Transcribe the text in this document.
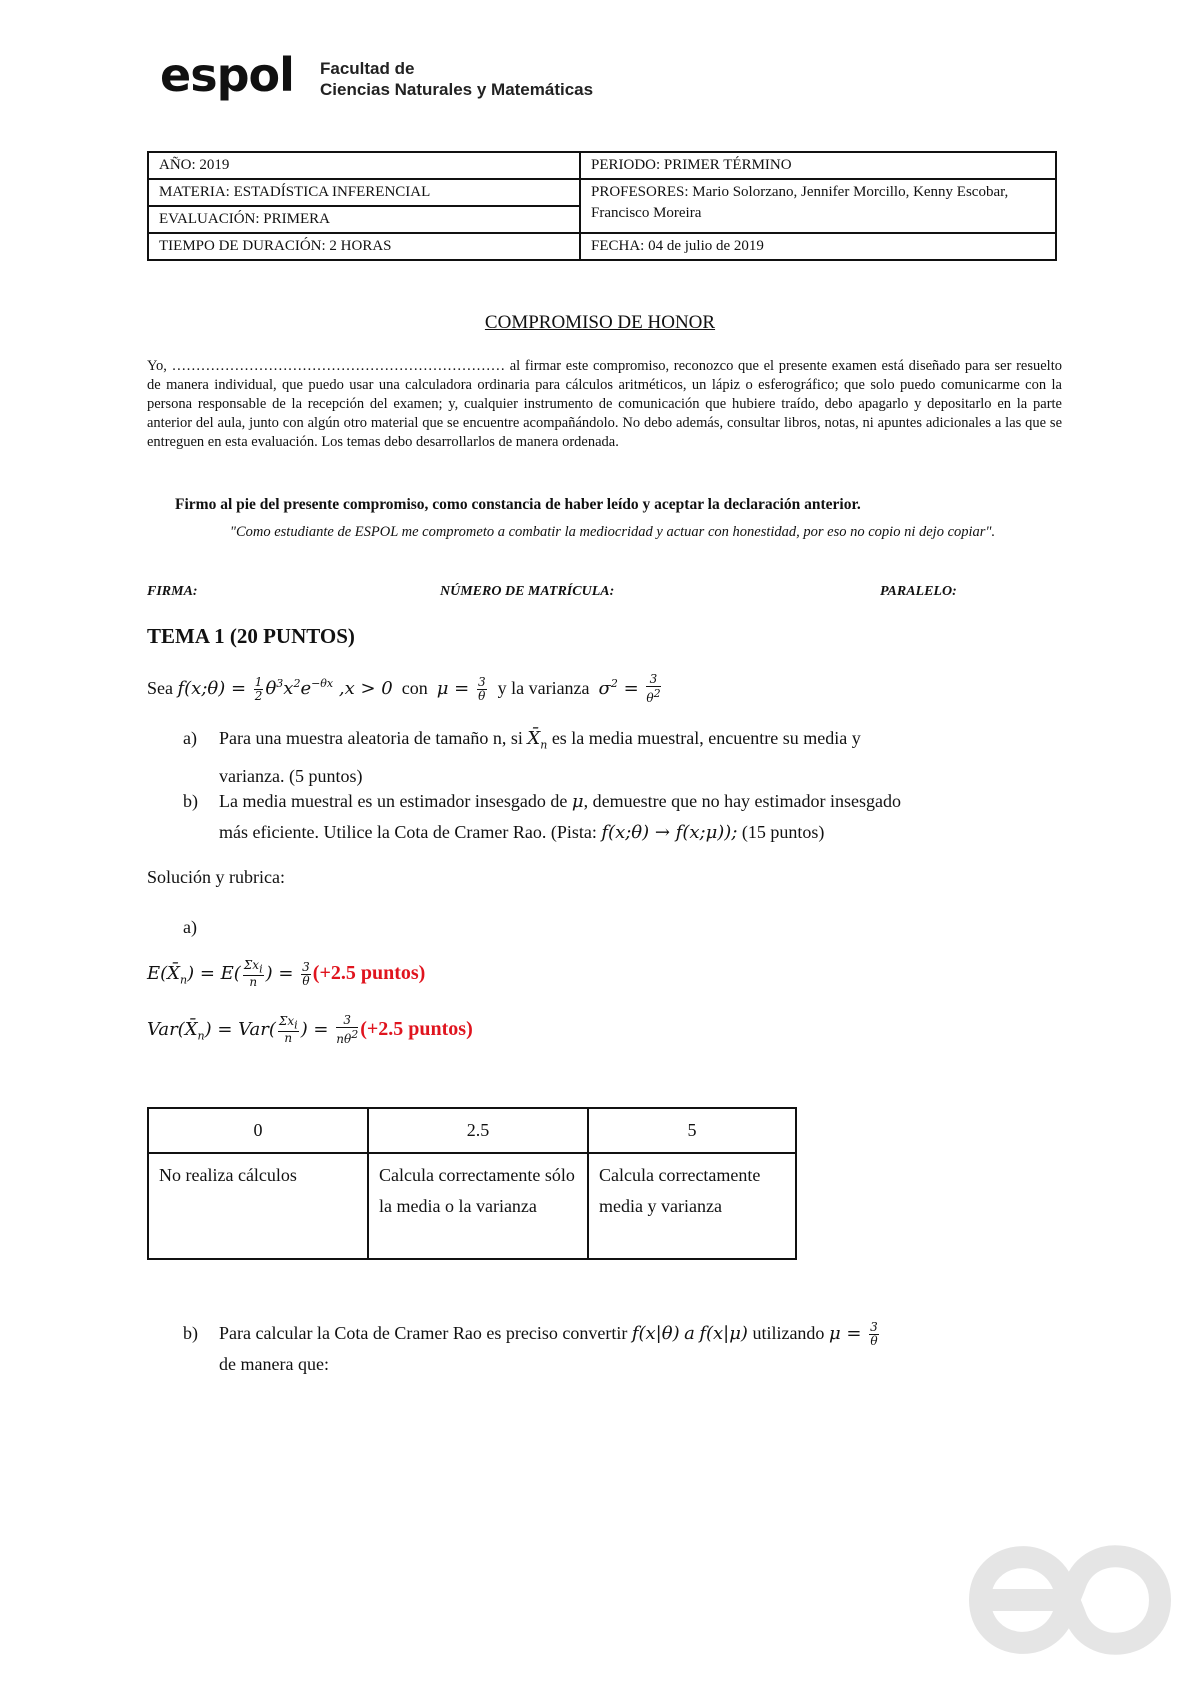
espol Facultad de
Ciencias Naturales y Matemáticas
AÑO: 2019	PERIODO: PRIMER TÉRMINO
MATERIA: ESTADÍSTICA INFERENCIAL	PROFESORES: Mario Solorzano, Jennifer Morcillo, Kenny Escobar, Francisco Moreira
EVALUACIÓN: PRIMERA	
TIEMPO DE DURACIÓN: 2 HORAS	FECHA: 04 de julio de 2019
COMPROMISO DE HONOR
Yo, …………………………………………………………… al firmar este compromiso, reconozco que el presente examen está diseñado para ser resuelto de manera individual, que puedo usar una calculadora ordinaria para cálculos aritméticos, un lápiz o esferográfico; que solo puedo comunicarme con la persona responsable de la recepción del examen; y, cualquier instrumento de comunicación que hubiere traído, debo apagarlo y depositarlo en la parte anterior del aula, junto con algún otro material que se encuentre acompañándolo. No debo además, consultar libros, notas, ni apuntes adicionales a las que se entreguen en esta evaluación. Los temas debo desarrollarlos de manera ordenada.
Firmo al pie del presente compromiso, como constancia de haber leído y aceptar la declaración anterior.
"Como estudiante de ESPOL me comprometo a combatir la mediocridad y actuar con honestidad, por eso no copio ni dejo copiar".
FIRMA:	NÚMERO DE MATRÍCULA:	PARALELO:
TEMA 1 (20 PUNTOS)
Sea f(x;θ) = $\frac{1}{2} \theta^3x^2e^{-\theta x}$ ,x > 0 con $\mu = \frac{3}{\theta}$ y la varianza $\sigma^2 = \frac{3}{\theta^2}$
a) Para una muestra aleatoria de tamaño n, si $X̄_n$ es la media muestral, encuentre su media y
varianza. (5 puntos)
b) La media muestral es un estimador insesgado de μ, demuestre que no hay estimador insesgado
más eficiente. Utilice la Cota de Cramer Rao. (Pista: f(x;θ) → f(x;μ)); (15 puntos)
Solución y rubrica:
a)
$E(X̄_n) = E( \frac{\Sigma x_i}{n}$ ) = $\frac{3}{\theta} (+2.5$ puntos)
$Var(X̄_n) = Var( \frac{\Sigma x_i}{n}$ ) = $\frac{3}{n\theta^2} (+2.5$ puntos)
0	2.5	5
No realiza cálculos	Calcula correctamente sólo la media o la varianza	Calcula correctamente media y varianza
b) Para calcular la Cota de Cramer Rao es preciso convertir f(x|θ) a f(x|μ) utilizando $\mu = \frac{3}{\theta}$

de manera que:
